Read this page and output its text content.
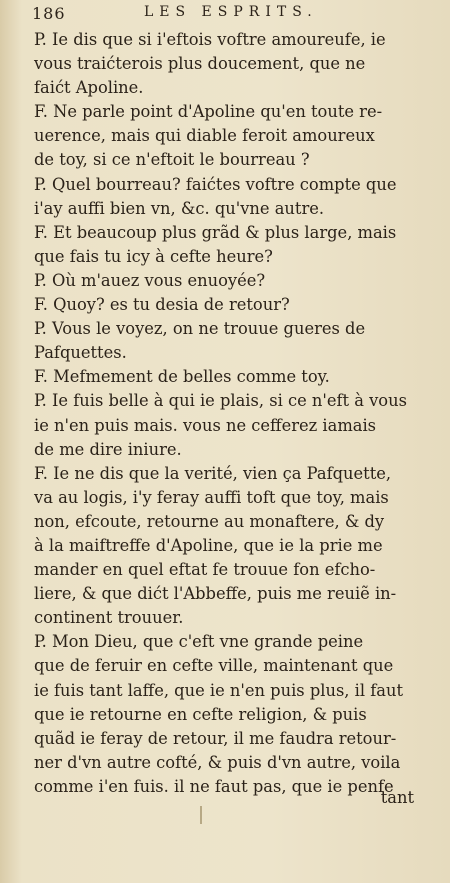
186	LES ESPRITS.
P. Ie dis que si i'eftois voftre amoureufe, ie
vous traićterois plus doucement, que ne
faićt Apoline.
F. Ne parle point d'Apoline qu'en toute re-
uerence, mais qui diable feroit amoureux
de toy, si ce n'eftoit le bourreau ?
P. Quel bourreau? faićtes voftre compte que
i'ay auffi bien vn, &c. qu'vne autre.
F. Et beaucoup plus grãd & plus large, mais
que fais tu icy à cefte heure?
P. Où m'auez vous enuoyée?
F. Quoy? es tu desia de retour?
P. Vous le voyez, on ne trouue gueres de
Pafquettes.
F. Mefmement de belles comme toy.
P. Ie fuis belle à qui ie plais, si ce n'eft à vous
ie n'en puis mais. vous ne cefferez iamais
de me dire iniure.
F. Ie ne dis que la verité, vien ça Pafquette,
va au logis, i'y feray auffi toft que toy, mais
non, efcoute, retourne au monaftere, & dy
à la maiftreffe d'Apoline, que ie la prie me
mander en quel eftat fe trouue fon efcho-
liere, & que dićt l'Abbeffe, puis me reuiẽ in-
continent trouuer.
P. Mon Dieu, que c'eft vne grande peine
que de feruir en cefte ville, maintenant que
ie fuis tant laffe, que ie n'en puis plus, il faut
que ie retourne en cefte religion, & puis
quãd ie feray de retour, il me faudra retour-
ner d'vn autre cofté, & puis d'vn autre, voila
comme i'en fuis. il ne faut pas, que ie penfe
tant
